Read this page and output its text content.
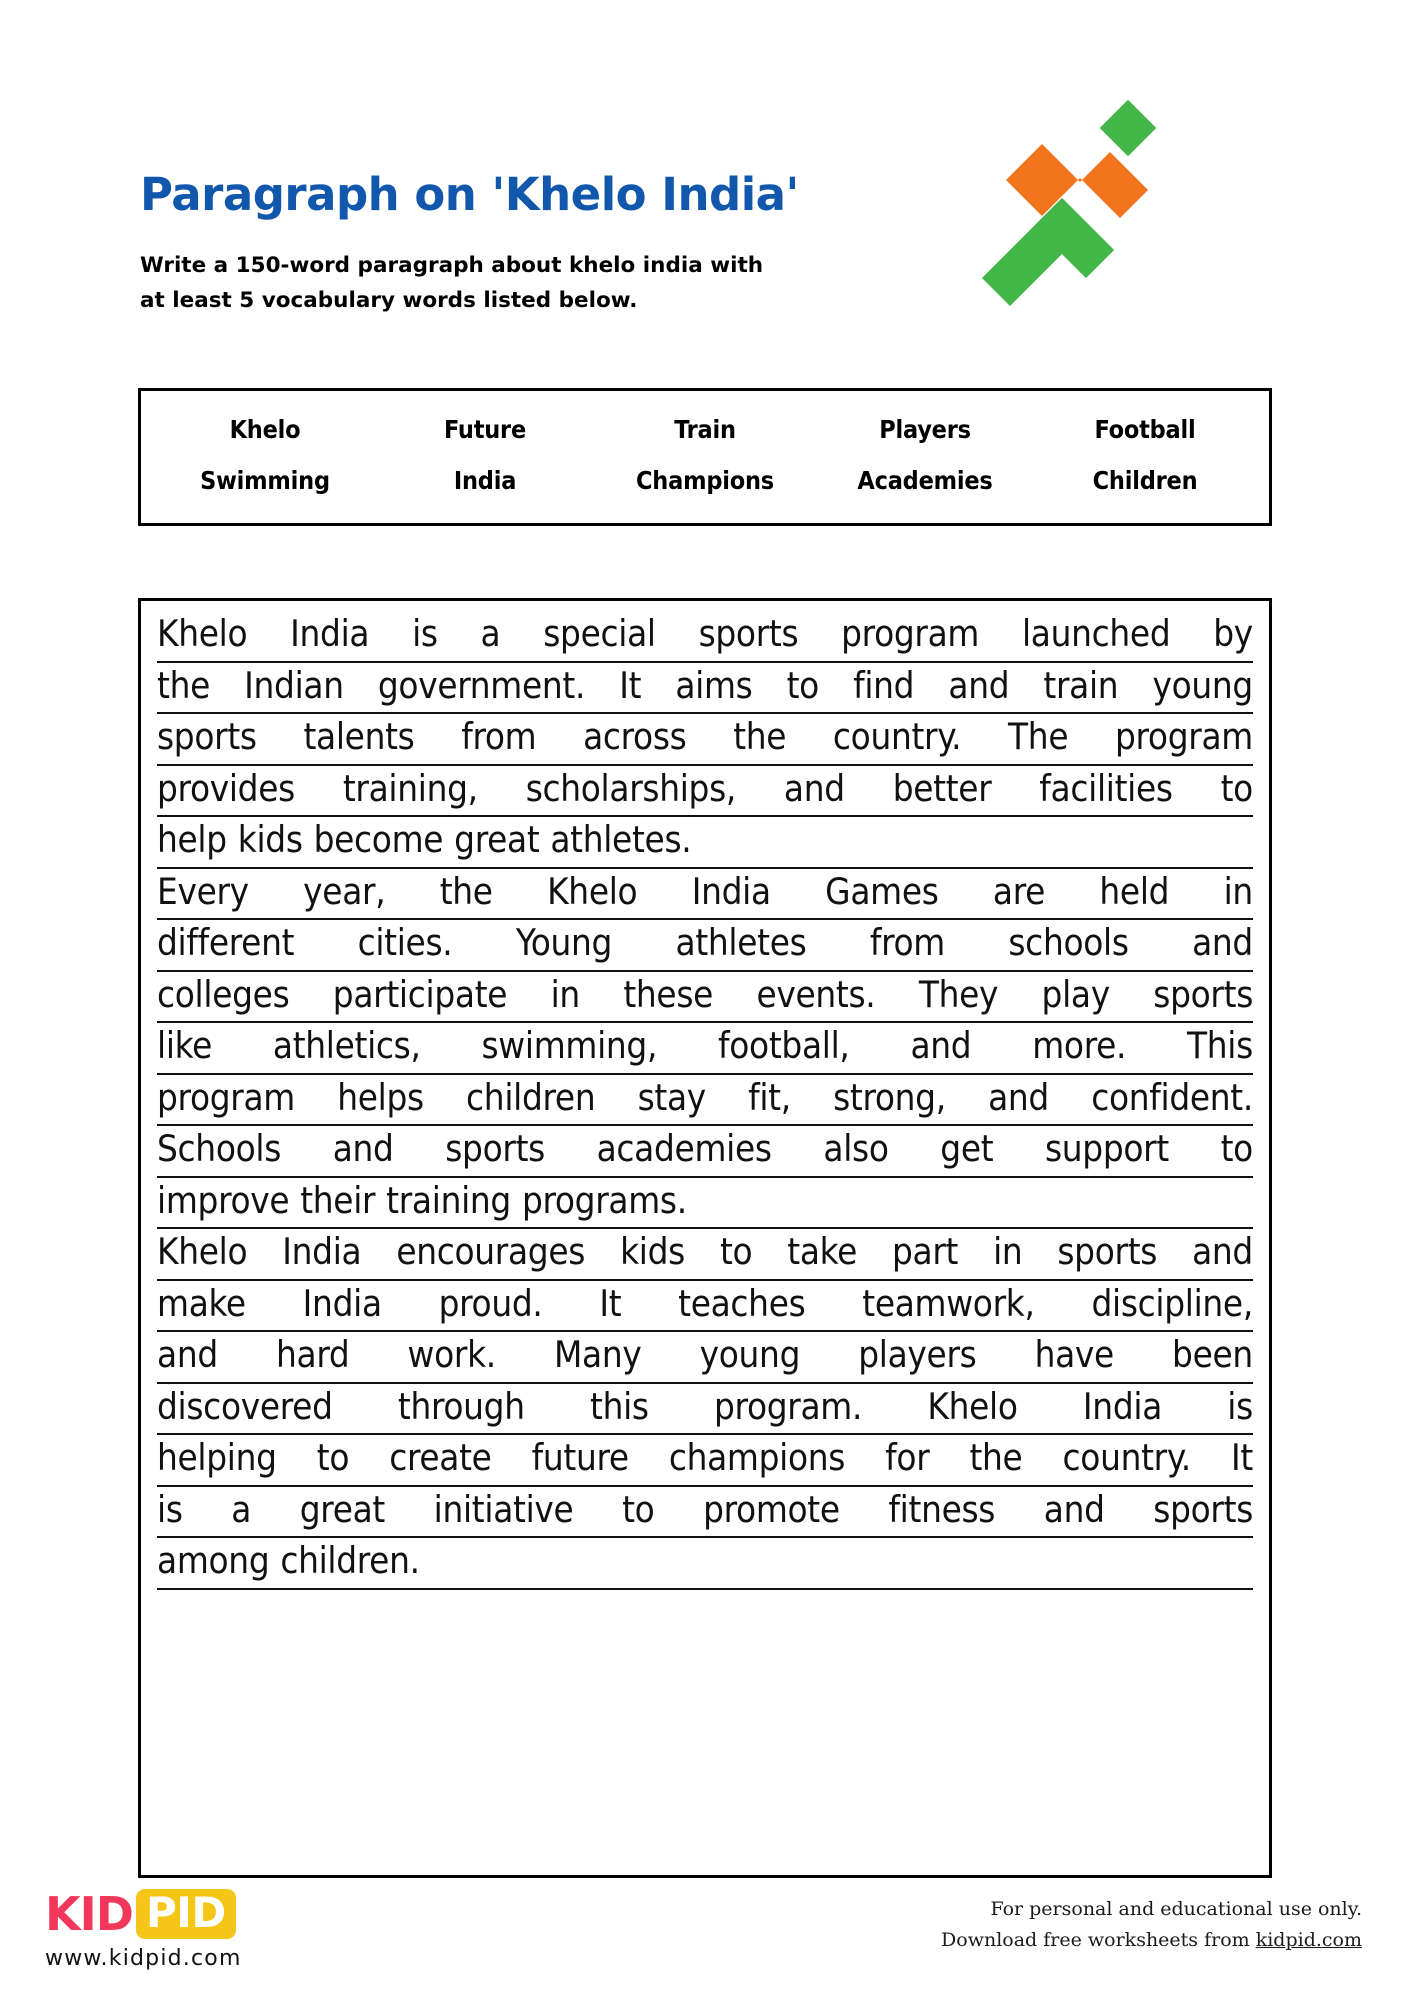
Paragraph on 'Khelo India'
Write a 150-word paragraph about khelo india with
at least 5 vocabulary words listed below.
Khelo	Future	Train	Players	Football
Swimming	India	Champions	Academies	Children
Khelo India is a special sports program launched by
the Indian government. It aims to find and train young
sports talents from across the country. The program
provides training, scholarships, and better facilities to
help kids become great athletes.
Every year, the Khelo India Games are held in
different cities. Young athletes from schools and
colleges participate in these events. They play sports
like athletics, swimming, football, and more. This
program helps children stay fit, strong, and confident.
Schools and sports academies also get support to
improve their training programs.
Khelo India encourages kids to take part in sports and
make India proud. It teaches teamwork, discipline,
and hard work. Many young players have been
discovered through this program. Khelo India is
helping to create future champions for the country. It
is a great initiative to promote fitness and sports
among children.
KID PID
www.kidpid.com
For personal and educational use only.
Download free worksheets from kidpid.com
